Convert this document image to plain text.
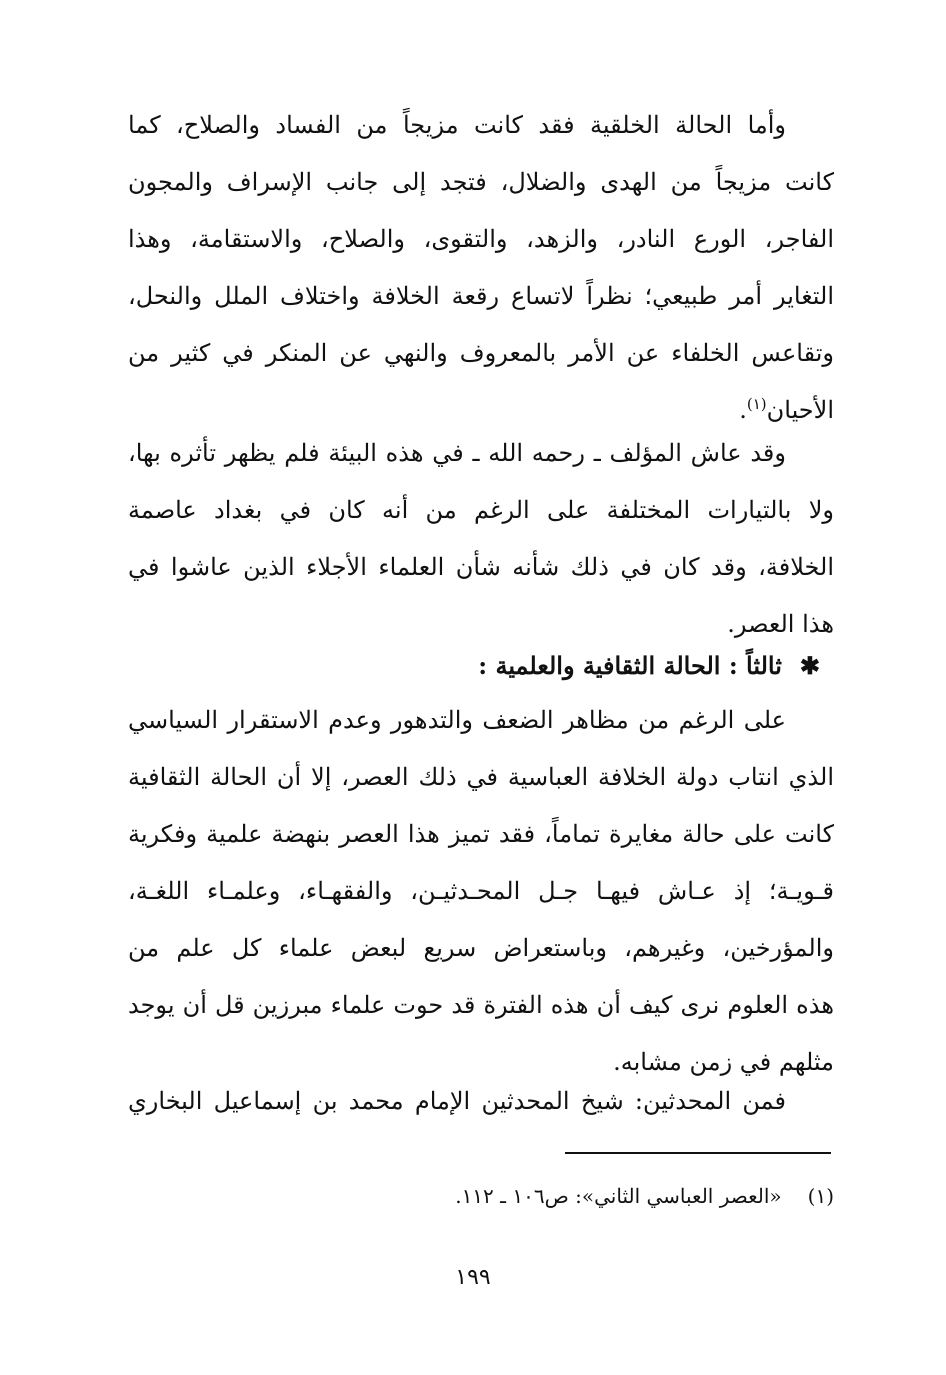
وأما الحالة الخلقية فقد كانت مزيجاً من الفساد والصلاح، كما
كانت مزيجاً من الهدى والضلال، فتجد إلى جانب الإسراف والمجون
الفاجر، الورع النادر، والزهد، والتقوى، والصلاح، والاستقامة، وهذا
التغاير أمر طبيعي؛ نظراً لاتساع رقعة الخلافة واختلاف الملل والنحل،
وتقاعس الخلفاء عن الأمر بالمعروف والنهي عن المنكر في كثير من
الأحيان$^{(١)}$.
وقد عاش المؤلف ـ رحمه الله ـ في هذه البيئة فلم يظهر تأثره بها،
ولا بالتيارات المختلفة على الرغم من أنه كان في بغداد عاصمة
الخلافة، وقد كان في ذلك شأنه شأن العلماء الأجلاء الذين عاشوا في
هذا العصر.
✱ثالثاً : الحالة الثقافية والعلمية :
على الرغم من مظاهر الضعف والتدهور وعدم الاستقرار السياسي
الذي انتاب دولة الخلافة العباسية في ذلك العصر، إلا أن الحالة الثقافية
كانت على حالة مغايرة تماماً، فقد تميز هذا العصر بنهضة علمية وفكرية
قـويـة؛ إذ عـاش فيهـا جـل المحـدثيـن، والفقهـاء، وعلمـاء اللغـة،
والمؤرخين، وغيرهم، وباستعراض سريع لبعض علماء كل علم من
هذه العلوم نرى كيف أن هذه الفترة قد حوت علماء مبرزين قل أن يوجد
مثلهم في زمن مشابه.
فمن المحدثين: شيخ المحدثين الإمام محمد بن إسماعيل البخاري
(١)«العصر العباسي الثاني»: ص١٠٦ ـ ١١٢.
١٩٩
